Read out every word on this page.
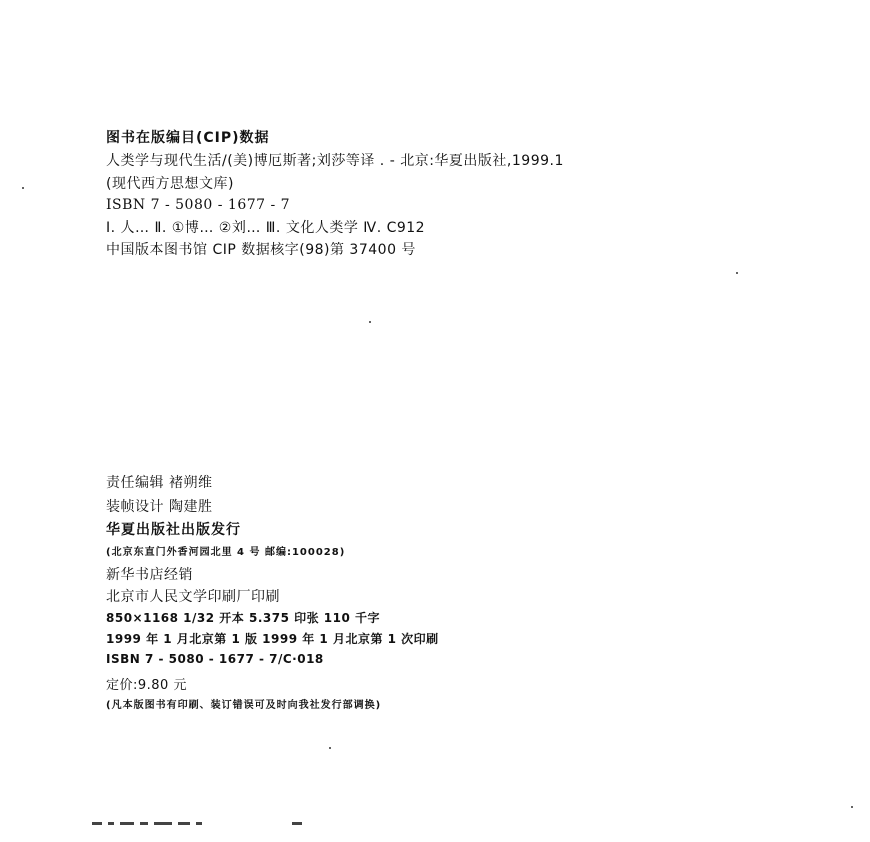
图书在版编目(CIP)数据
人类学与现代生活/(美)博厄斯著;刘莎等译 . - 北京:华夏出版社,1999.1
(现代西方思想文库)
ISBN 7 - 5080 - 1677 - 7
Ⅰ. 人… Ⅱ. ①博… ②刘… Ⅲ. 文化人类学 Ⅳ. C912
中国版本图书馆 CIP 数据核字(98)第 37400 号
责任编辑 褚朔维
装帧设计 陶建胜
华夏出版社出版发行
(北京东直门外香河园北里 4 号 邮编:100028)
新华书店经销
北京市人民文学印刷厂印刷
850×1168 1/32 开本 5.375 印张 110 千字
1999 年 1 月北京第 1 版 1999 年 1 月北京第 1 次印刷
ISBN 7 - 5080 - 1677 - 7/C·018
定价:9.80 元
(凡本版图书有印刷、装订错误可及时向我社发行部调换)
